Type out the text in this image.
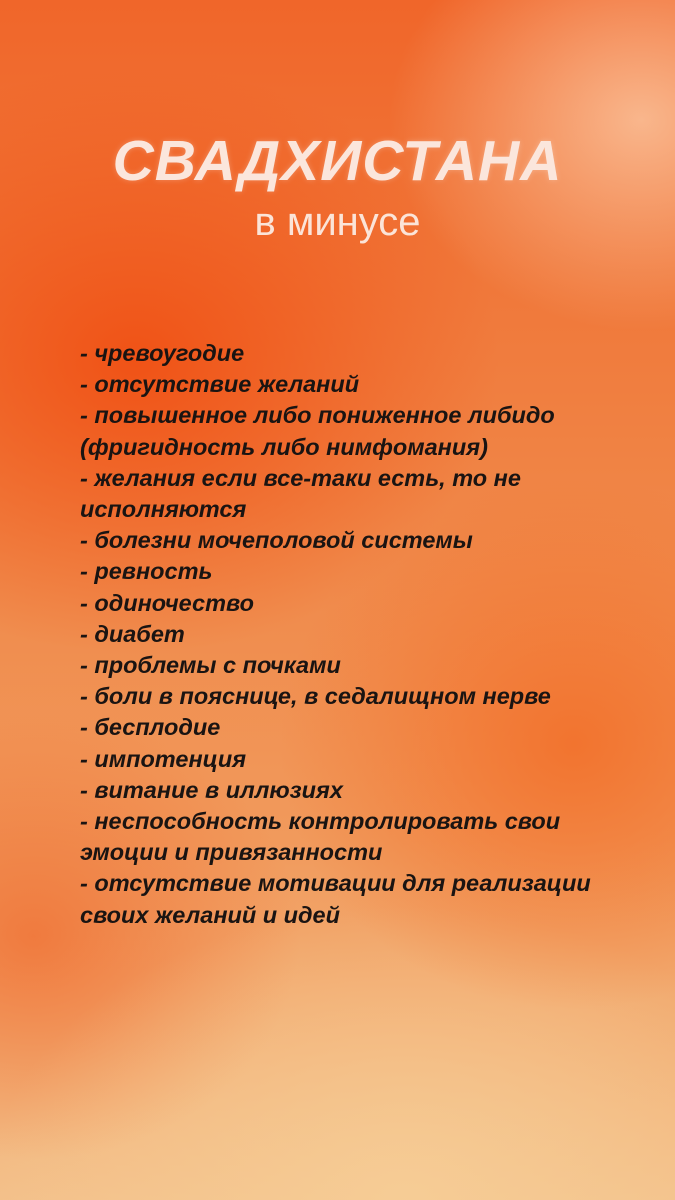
СВАДХИСТАНА
в минусе

- чревоугодие

- отсутствие желаний

- повышенное либо пониженное либидо (фригидность либо нимфомания)

- желания если все-таки есть, то не исполняются

- болезни мочеполовой системы

- ревность

- одиночество

- диабет

- проблемы с почками

- боли в пояснице, в седалищном нерве

- бесплодие

- импотенция

- витание в иллюзиях

- неспособность контролировать свои эмоции и привязанности

- отсутствие мотивации для реализации своих желаний и идей
